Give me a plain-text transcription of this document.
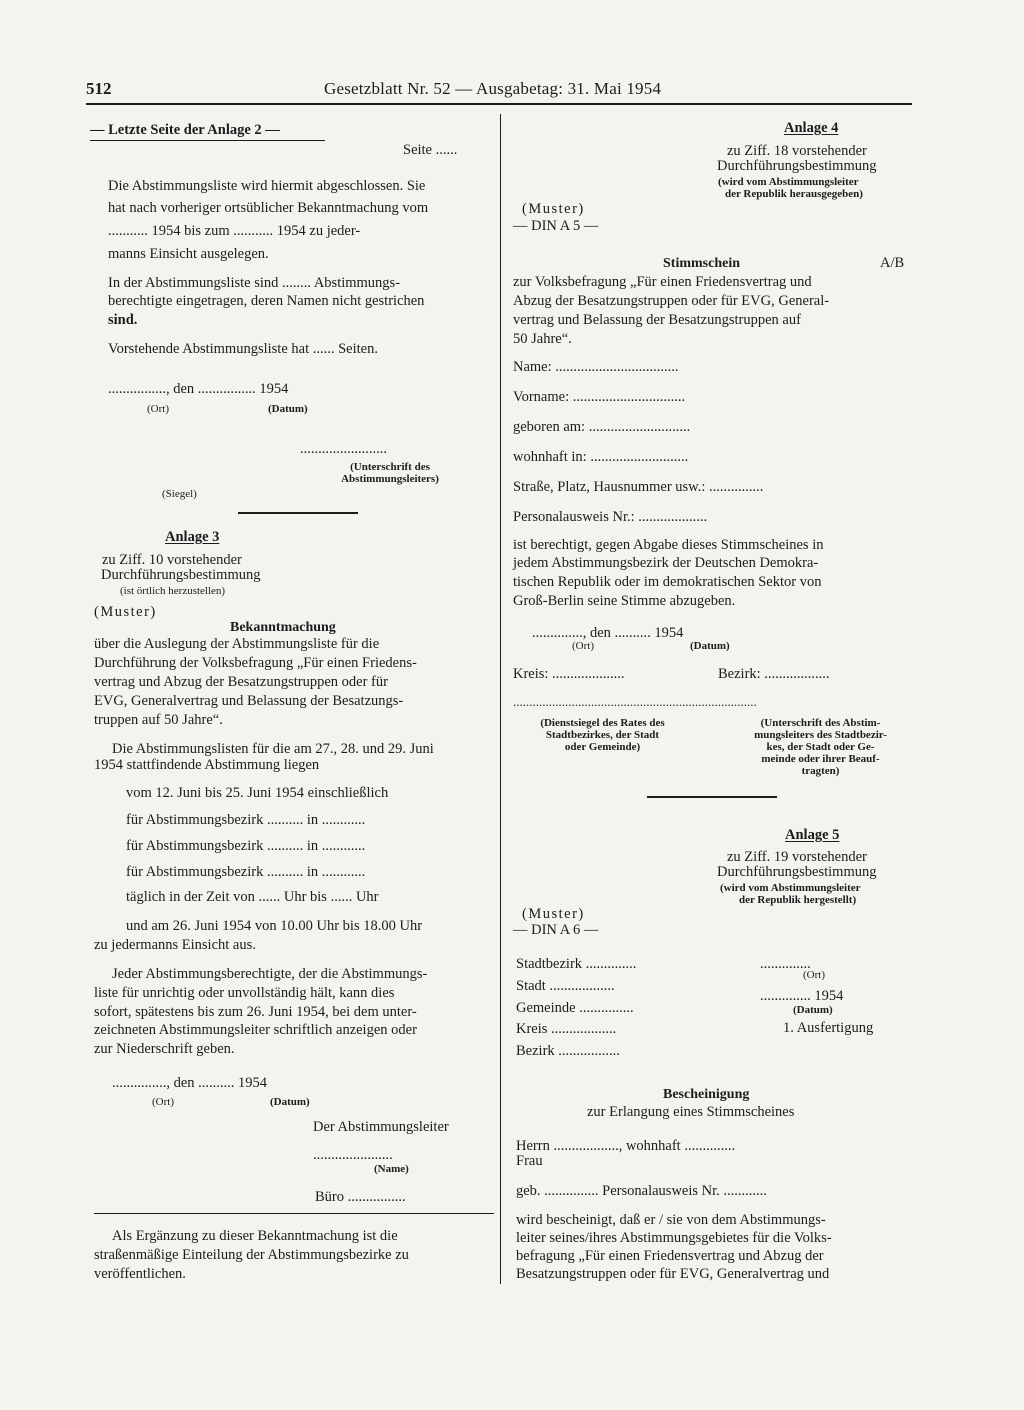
512	Gesetzblatt Nr. 52 — Ausgabetag: 31. Mai 1954
— Letzte Seite der Anlage 2 —
Seite ......
Die Abstimmungsliste wird hiermit abgeschlossen. Sie
hat nach vorheriger ortsüblicher Bekanntmachung vom
........... 1954 bis zum ........... 1954 zu jeder-
manns Einsicht ausgelegen.
In der Abstimmungsliste sind ........ Abstimmungs-
berechtigte eingetragen, deren Namen nicht gestrichen
sind.
Vorstehende Abstimmungsliste hat ...... Seiten.
................, den ................ 1954
(Ort)	(Datum)
........................
(Unterschrift des
Abstimmungsleiters)
(Siegel)
Anlage 3
zu Ziff. 10 vorstehender
Durchführungsbestimmung
(ist örtlich herzustellen)
(Muster)
Bekanntmachung
über die Auslegung der Abstimmungsliste für die
Durchführung der Volksbefragung „Für einen Friedens-
vertrag und Abzug der Besatzungstruppen oder für
EVG, Generalvertrag und Belassung der Besatzungs-
truppen auf 50 Jahre“.
Die Abstimmungslisten für die am 27., 28. und 29. Juni
1954 stattfindende Abstimmung liegen
vom 12. Juni bis 25. Juni 1954 einschließlich
für Abstimmungsbezirk .......... in ............
für Abstimmungsbezirk .......... in ............
für Abstimmungsbezirk .......... in ............
täglich in der Zeit von ...... Uhr bis ...... Uhr
und am 26. Juni 1954 von 10.00 Uhr bis 18.00 Uhr
zu jedermanns Einsicht aus.
Jeder Abstimmungsberechtigte, der die Abstimmungs-
liste für unrichtig oder unvollständig hält, kann dies
sofort, spätestens bis zum 26. Juni 1954, bei dem unter-
zeichneten Abstimmungsleiter schriftlich anzeigen oder
zur Niederschrift geben.
..............., den .......... 1954
(Ort)	(Datum)
Der Abstimmungsleiter
......................
(Name)
Büro ................
Als Ergänzung zu dieser Bekanntmachung ist die
straßenmäßige Einteilung der Abstimmungsbezirke zu
veröffentlichen.
Anlage 4
zu Ziff. 18 vorstehender
Durchführungsbestimmung
(wird vom Abstimmungsleiter
der Republik herausgegeben)
(Muster)
— DIN A 5 —
Stimmschein	A/B
zur Volksbefragung „Für einen Friedensvertrag und
Abzug der Besatzungstruppen oder für EVG, General-
vertrag und Belassung der Besatzungstruppen auf
50 Jahre“.
Name: ..................................
Vorname: ...............................
geboren am: ............................
wohnhaft in: ...........................
Straße, Platz, Hausnummer usw.: ...............
Personalausweis Nr.: ...................
ist berechtigt, gegen Abgabe dieses Stimmscheines in
jedem Abstimmungsbezirk der Deutschen Demokra-
tischen Republik oder im demokratischen Sektor von
Groß-Berlin seine Stimme abzugeben.
.............., den .......... 1954
(Ort)	(Datum)
Kreis: ....................	Bezirk: ..................
...........................................................................
(Dienstsiegel des Rates des
Stadtbezirkes, der Stadt
oder Gemeinde)
(Unterschrift des Abstim-
mungsleiters des Stadtbezir-
kes, der Stadt oder Ge-
meinde oder ihrer Beauf-
tragten)
Anlage 5
zu Ziff. 19 vorstehender
Durchführungsbestimmung
(wird vom Abstimmungsleiter
der Republik hergestellt)
(Muster)
— DIN A 6 —
Stadtbezirk ..............
Stadt ..................
Gemeinde ...............
Kreis ..................
Bezirk .................
..............
(Ort)
.............. 1954
(Datum)
1. Ausfertigung
Bescheinigung
zur Erlangung eines Stimmscheines
Herrn .................., wohnhaft ..............
Frau
geb. ............... Personalausweis Nr. ............
wird bescheinigt, daß er / sie von dem Abstimmungs-
leiter seines/ihres Abstimmungsgebietes für die Volks-
befragung „Für einen Friedensvertrag und Abzug der
Besatzungstruppen oder für EVG, Generalvertrag und
